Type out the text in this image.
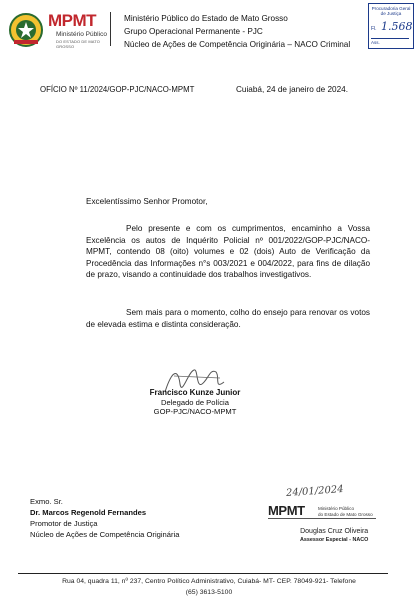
MPMT
Ministério Público
DO ESTADO DE MATO GROSSO
Ministério Público do Estado de Mato Grosso
Grupo Operacional Permanente - PJC
Núcleo de Ações de Competência Originária – NACO Criminal
Procuradoria Geral de Justiça
1.568
Fl.
Ass.
OFÍCIO Nº 11/2024/GOP-PJC/NACO-MPMT	Cuiabá, 24 de janeiro de 2024.
Excelentíssimo Senhor Promotor,
Pelo presente e com os cumprimentos, encaminho a Vossa Excelência os autos de Inquérito Policial nº 001/2022/GOP-PJC/NACO-MPMT, contendo 08 (oito) volumes e 02 (dois) Auto de Verificação da Procedência das Informações n°s 003/2021 e 004/2022, para fins de dilação de prazo, visando a continuidade dos trabalhos investigativos.
Sem mais para o momento, colho do ensejo para renovar os votos de elevada estima e distinta consideração.
Francisco Kunze Junior
Delegado de Polícia
GOP-PJC/NACO-MPMT
Exmo. Sr.
Dr. Marcos Regenold Fernandes
Promotor de Justiça
Núcleo de Ações de Competência Originária
24/01/2024
MPMT	Ministério Público
do Estado de Mato Grosso
Douglas Cruz Oliveira
Assessor Especial - NACO
Rua 04, quadra 11, nº 237, Centro Político Administrativo, Cuiabá- MT- CEP. 78049-921- Telefone
(65) 3613-5100
